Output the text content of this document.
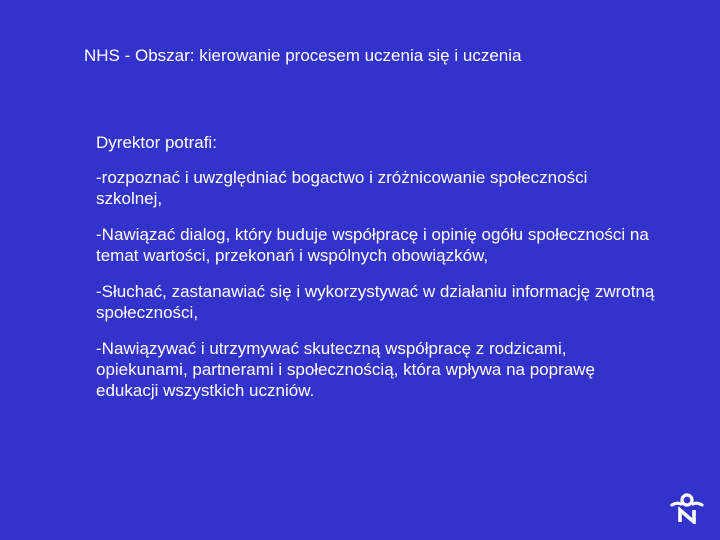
NHS - Obszar: kierowanie procesem uczenia się i uczenia

Dyrektor potrafi:

-rozpoznać i uwzględniać bogactwo i zróżnicowanie społeczności szkolnej,

-Nawiązać dialog, który buduje współpracę i opinię ogółu społeczności na temat wartości, przekonań i wspólnych obowiązków,

-Słuchać, zastanawiać się i wykorzystywać w działaniu informację zwrotną społeczności,

-Nawiązywać i utrzymywać skuteczną współpracę z rodzicami, opiekunami, partnerami i społecznością, która wpływa na poprawę edukacji wszystkich uczniów.
